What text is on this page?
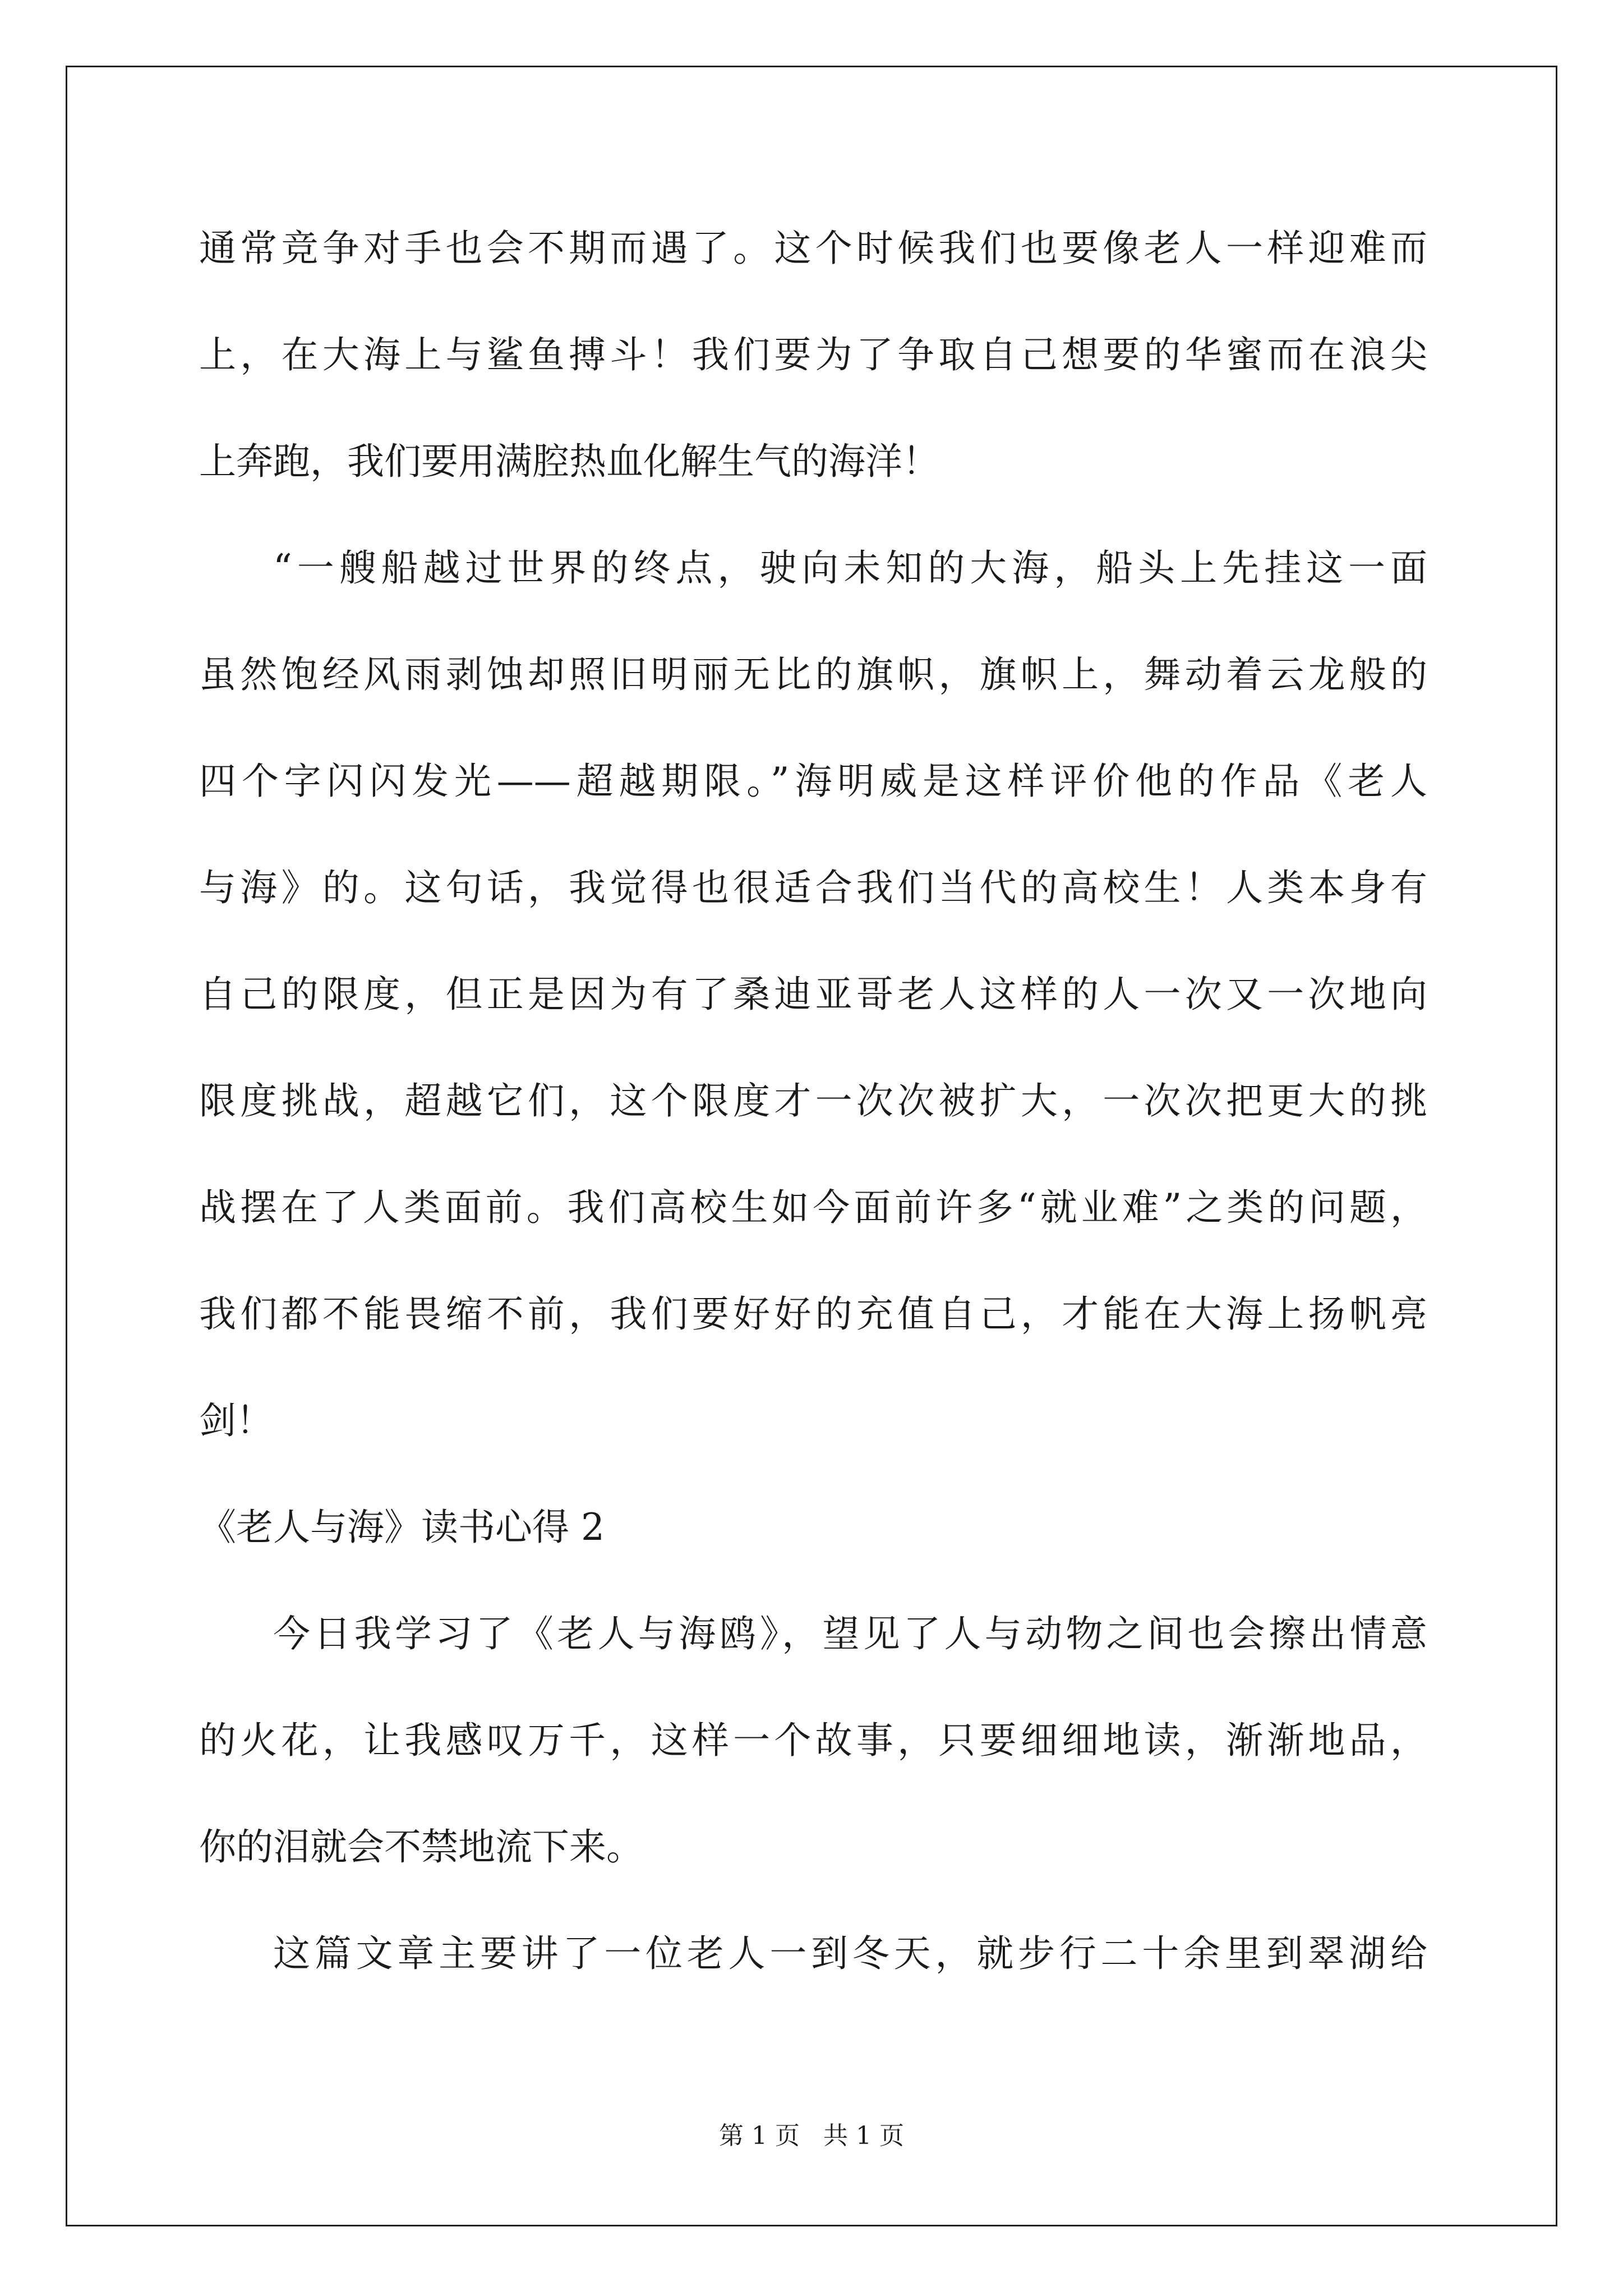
通常竞争对手也会不期而遇了。这个时候我们也要像老人一样迎难而
上，在大海上与鲨鱼搏斗！我们要为了争取自己想要的华蜜而在浪尖
上奔跑，我们要用满腔热血化解生气的海洋！
“一艘船越过世界的终点，驶向未知的大海，船头上先挂这一面
虽然饱经风雨剥蚀却照旧明丽无比的旗帜，旗帜上，舞动着云龙般的
四个字闪闪发光——超越期限。”海明威是这样评价他的作品《老人
与海》的。这句话，我觉得也很适合我们当代的高校生！人类本身有
自己的限度，但正是因为有了桑迪亚哥老人这样的人一次又一次地向
限度挑战，超越它们，这个限度才一次次被扩大，一次次把更大的挑
战摆在了人类面前。我们高校生如今面前许多“就业难”之类的问题，
我们都不能畏缩不前，我们要好好的充值自己，才能在大海上扬帆亮
剑！
《老人与海》读书心得 2
今日我学习了《老人与海鸥》，望见了人与动物之间也会擦出情意
的火花，让我感叹万千，这样一个故事，只要细细地读，渐渐地品，
你的泪就会不禁地流下来。
这篇文章主要讲了一位老人一到冬天，就步行二十余里到翠湖给
第 1 页   共 1 页
